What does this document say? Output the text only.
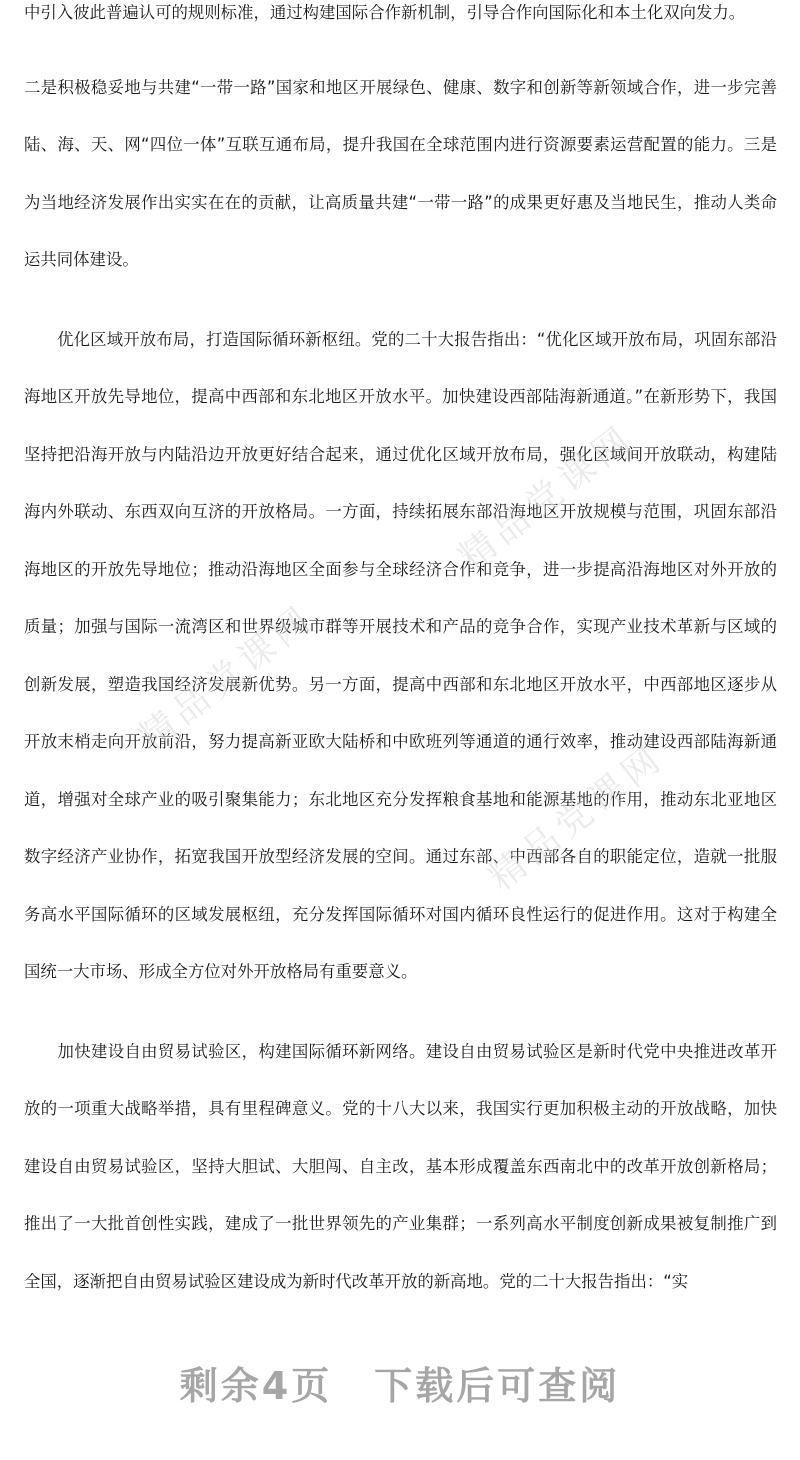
中引入彼此普遍认可的规则标准，通过构建国际合作新机制，引导合作向国际化和本土化双向发力。

二是积极稳妥地与共建“一带一路”国家和地区开展绿色、健康、数字和创新等新领域合作，进一步完善陆、海、天、网“四位一体”互联互通布局，提升我国在全球范围内进行资源要素运营配置的能力。三是为当地经济发展作出实实在在的贡献，让高质量共建“一带一路”的成果更好惠及当地民生，推动人类命运共同体建设。

　　优化区域开放布局，打造国际循环新枢纽。党的二十大报告指出：“优化区域开放布局，巩固东部沿海地区开放先导地位，提高中西部和东北地区开放水平。加快建设西部陆海新通道。”在新形势下，我国坚持把沿海开放与内陆沿边开放更好结合起来，通过优化区域开放布局，强化区域间开放联动，构建陆海内外联动、东西双向互济的开放格局。一方面，持续拓展东部沿海地区开放规模与范围，巩固东部沿海地区的开放先导地位；推动沿海地区全面参与全球经济合作和竞争，进一步提高沿海地区对外开放的质量；加强与国际一流湾区和世界级城市群等开展技术和产品的竞争合作，实现产业技术革新与区域的创新发展，塑造我国经济发展新优势。另一方面，提高中西部和东北地区开放水平，中西部地区逐步从开放末梢走向开放前沿，努力提高新亚欧大陆桥和中欧班列等通道的通行效率，推动建设西部陆海新通道，增强对全球产业的吸引聚集能力；东北地区充分发挥粮食基地和能源基地的作用，推动东北亚地区数字经济产业协作，拓宽我国开放型经济发展的空间。通过东部、中西部各自的职能定位，造就一批服务高水平国际循环的区域发展枢纽，充分发挥国际循环对国内循环良性运行的促进作用。这对于构建全国统一大市场、形成全方位对外开放格局有重要意义。

　　加快建设自由贸易试验区，构建国际循环新网络。建设自由贸易试验区是新时代党中央推进改革开放的一项重大战略举措，具有里程碑意义。党的十八大以来，我国实行更加积极主动的开放战略，加快建设自由贸易试验区，坚持大胆试、大胆闯、自主改，基本形成覆盖东西南北中的改革开放创新格局；推出了一大批首创性实践，建成了一批世界领先的产业集群；一系列高水平制度创新成果被复制推广到全国，逐渐把自由贸易试验区建设成为新时代改革开放的新高地。党的二十大报告指出：“实

精品党课网
精品党课网
精品党课网
剩余4页 下载后可查阅
